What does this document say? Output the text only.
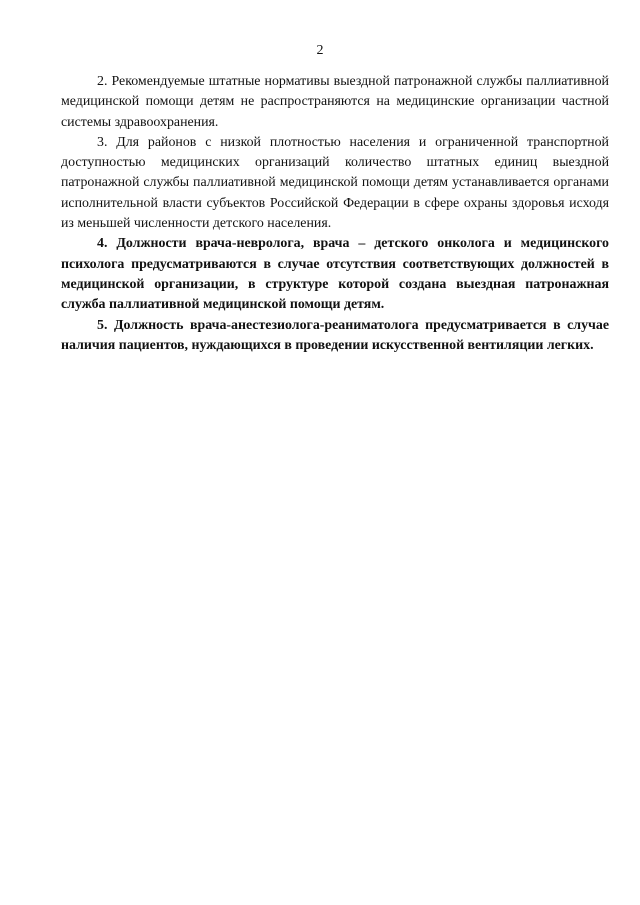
2

2. Рекомендуемые штатные нормативы выездной патронажной службы паллиативной медицинской помощи детям не распространяются на медицинские организации частной системы здравоохранения.

3. Для районов с низкой плотностью населения и ограниченной транспортной доступностью медицинских организаций количество штатных единиц выездной патронажной службы паллиативной медицинской помощи детям устанавливается органами исполнительной власти субъектов Российской Федерации в сфере охраны здоровья исходя из меньшей численности детского населения.

4. Должности врача-невролога, врача – детского онколога и медицинского психолога предусматриваются в случае отсутствия соответствующих должностей в медицинской организации, в структуре которой создана выездная патронажная служба паллиативной медицинской помощи детям.

5. Должность врача-анестезиолога-реаниматолога предусматривается в случае наличия пациентов, нуждающихся в проведении искусственной вентиляции легких.
